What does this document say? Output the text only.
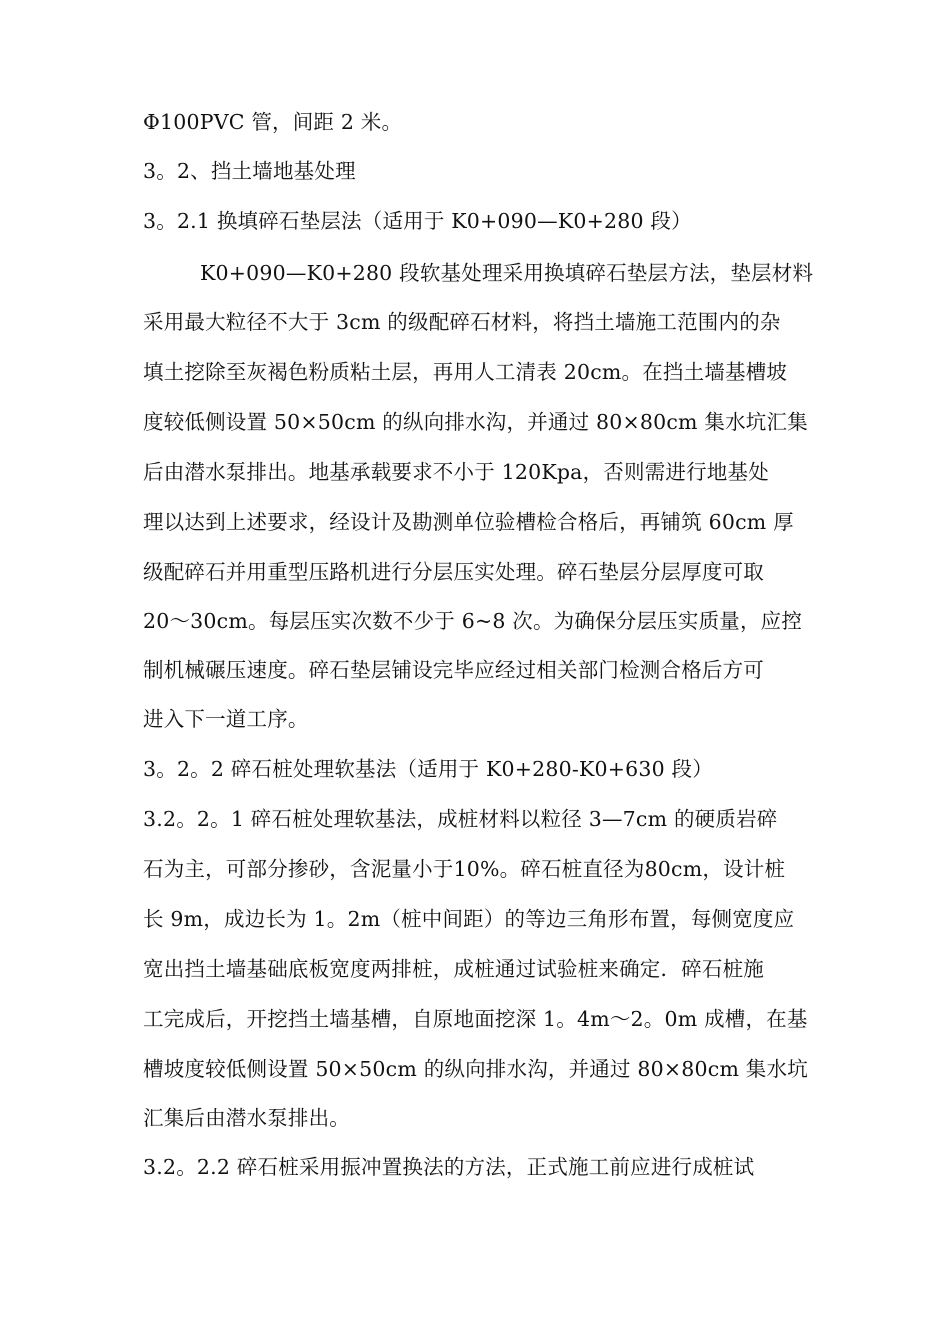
Φ100PVC 管，间距 2 米。
3。2、挡土墙地基处理
3。2.1 换填碎石垫层法（适用于 K0+090—K0+280 段）
K0+090—K0+280 段软基处理采用换填碎石垫层方法，垫层材料
采用最大粒径不大于 3cm 的级配碎石材料，将挡土墙施工范围内的杂
填土挖除至灰褐色粉质粘土层，再用人工清表 20cm。在挡土墙基槽坡
度较低侧设置 50×50cm 的纵向排水沟，并通过 80×80cm 集水坑汇集
后由潜水泵排出。地基承载要求不小于 120Kpa，否则需进行地基处
理以达到上述要求，经设计及勘测单位验槽检合格后，再铺筑 60cm 厚
级配碎石并用重型压路机进行分层压实处理。碎石垫层分层厚度可取
20～30cm。每层压实次数不少于 6~8 次。为确保分层压实质量，应控
制机械碾压速度。碎石垫层铺设完毕应经过相关部门检测合格后方可
进入下一道工序。
3。2。2 碎石桩处理软基法（适用于 K0+280-K0+630 段）
3.2。2。1 碎石桩处理软基法，成桩材料以粒径 3—7cm 的硬质岩碎
石为主，可部分掺砂，含泥量小于10%。碎石桩直径为80cm，设计桩
长 9m，成边长为 1。2m（桩中间距）的等边三角形布置，每侧宽度应
宽出挡土墙基础底板宽度两排桩，成桩通过试验桩来确定．碎石桩施
工完成后，开挖挡土墙基槽，自原地面挖深 1。4m～2。0m 成槽，在基
槽坡度较低侧设置 50×50cm 的纵向排水沟，并通过 80×80cm 集水坑
汇集后由潜水泵排出。
3.2。2.2 碎石桩采用振冲置换法的方法，正式施工前应进行成桩试
